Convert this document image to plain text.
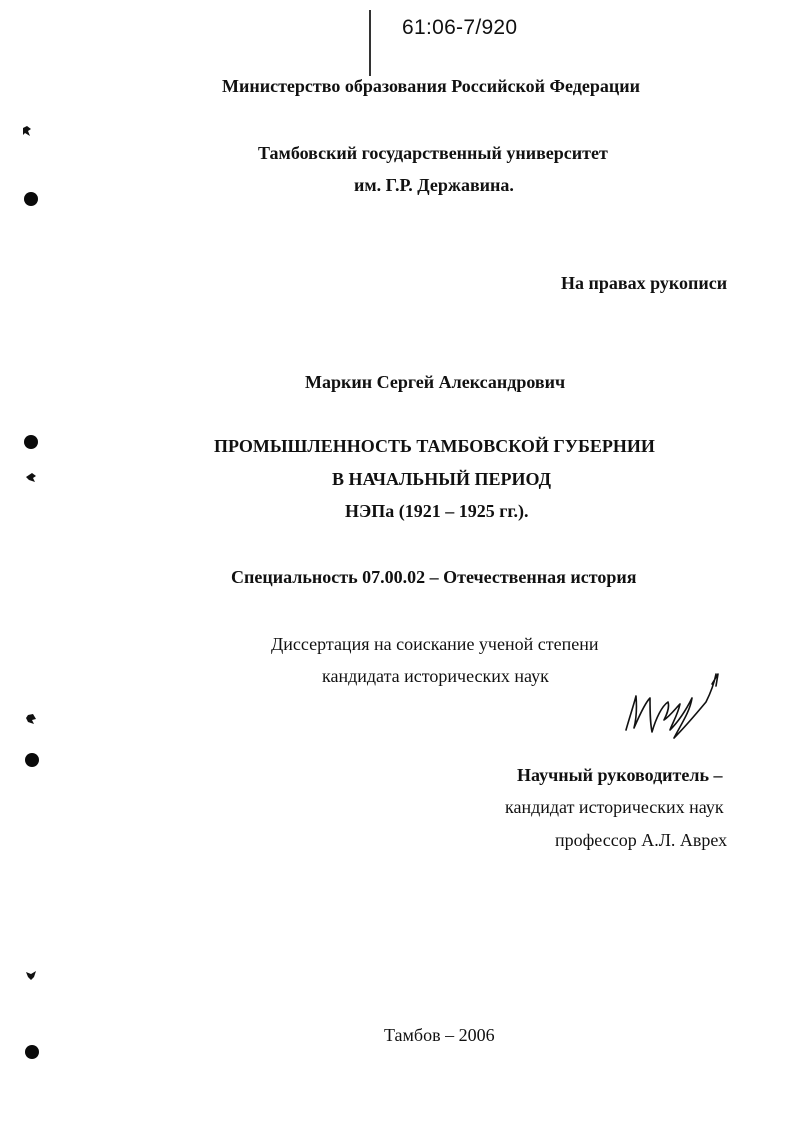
61:06-7/920
Министерство образования Российской Федерации
Тамбовский государственный университет
им. Г.Р. Державина.
На правах рукописи
Маркин Сергей Александрович
ПРОМЫШЛЕННОСТЬ ТАМБОВСКОЙ ГУБЕРНИИ
В НАЧАЛЬНЫЙ ПЕРИОД
НЭПа (1921 – 1925 гг.).
Специальность 07.00.02 – Отечественная история
Диссертация на соискание ученой степени
кандидата исторических наук
Научный руководитель –
кандидат исторических наук
профессор А.Л. Аврех
Тамбов – 2006
